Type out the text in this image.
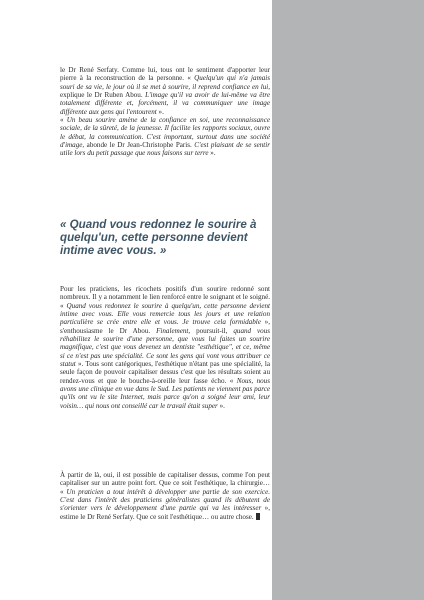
le Dr René Serfaty. Comme lui, tous ont le sentiment d'apporter leur pierre à la reconstruction de la personne. « Quelqu'un qui n'a jamais souri de sa vie, le jour où il se met à sourire, il reprend confiance en lui, explique le Dr Ruben Abou. L'image qu'il va avoir de lui-même va être totalement différente et, forcément, il va communiquer une image différente aux gens qui l'entourent ».

« Un beau sourire amène de la confiance en soi, une reconnaissance sociale, de la sûreté, de la jeunesse. Il facilite les rapports sociaux, ouvre le débat, la communication. C'est important, surtout dans une société d'image, abonde le Dr Jean-Christophe Paris. C'est plaisant de se sentir utile lors du petit passage que nous faisons sur terre ».

« Quand vous redonnez le sourire à quelqu'un, cette personne devient intime avec vous. »

Pour les praticiens, les ricochets positifs d'un sourire redonné sont nombreux. Il y a notamment le lien renforcé entre le soignant et le soigné. « Quand vous redonnez le sourire à quelqu'un, cette personne devient intime avec vous. Elle vous remercie tous les jours et une relation particulière se crée entre elle et vous. Je trouve cela formidable », s'enthousiasme le Dr Abou. Finalement, poursuit-il, quand vous réhabilitez le sourire d'une personne, que vous lui faites un sourire magnifique, c'est que vous devenez un dentiste "esthétique", et ce, même si ce n'est pas une spécialité. Ce sont les gens qui vont vous attribuer ce statut ». Tous sont catégoriques, l'esthétique n'étant pas une spécialité, la seule façon de pouvoir capitaliser dessus c'est que les résultats soient au rendez-vous et que le bouche-à-oreille leur fasse écho. « Nous, nous avons une clinique en vue dans le Sud. Les patients ne viennent pas parce qu'ils ont vu le site Internet, mais parce qu'on a soigné leur ami, leur voisin… qui nous ont conseillé car le travail était super ».

À partir de là, oui, il est possible de capitaliser dessus, comme l'on peut capitaliser sur un autre point fort. Que ce soit l'esthétique, la chirurgie… « Un praticien a tout intérêt à développer une partie de son exercice. C'est dans l'intérêt des praticiens généralistes quand ils débutent de s'orienter vers le développement d'une partie qui va les intéresser », estime le Dr René Serfaty. Que ce soit l'esthétique… ou autre chose.
